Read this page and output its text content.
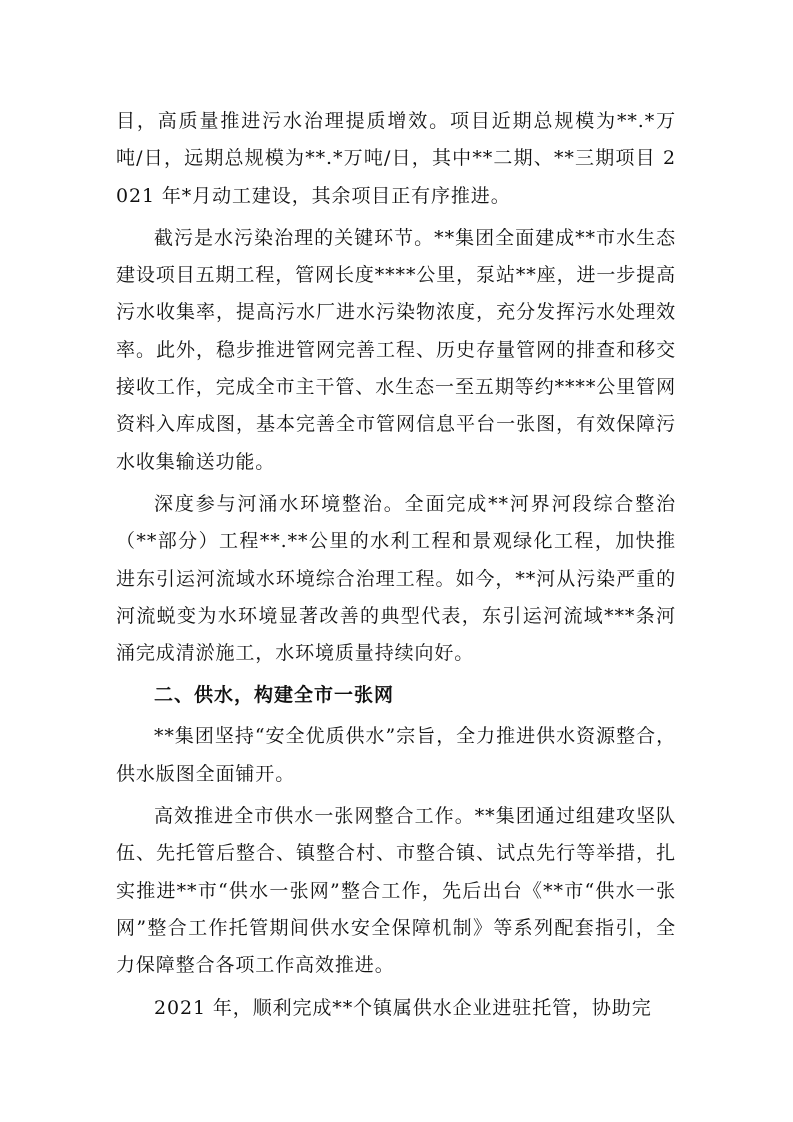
目，高质量推进污水治理提质增效。项目近期总规模为**.*万吨/日，远期总规模为**.*万吨/日，其中**二期、**三期项目 2021 年*月动工建设，其余项目正有序推进。

截污是水污染治理的关键环节。**集团全面建成**市水生态建设项目五期工程，管网长度****公里，泵站**座，进一步提高污水收集率，提高污水厂进水污染物浓度，充分发挥污水处理效率。此外，稳步推进管网完善工程、历史存量管网的排查和移交接收工作，完成全市主干管、水生态一至五期等约****公里管网资料入库成图，基本完善全市管网信息平台一张图，有效保障污水收集输送功能。

深度参与河涌水环境整治。全面完成**河界河段综合整治（**部分）工程**.**公里的水利工程和景观绿化工程，加快推进东引运河流域水环境综合治理工程。如今，**河从污染严重的河流蜕变为水环境显著改善的典型代表，东引运河流域***条河涌完成清淤施工，水环境质量持续向好。

二、供水，构建全市一张网

**集团坚持“安全优质供水”宗旨，全力推进供水资源整合，供水版图全面铺开。

高效推进全市供水一张网整合工作。**集团通过组建攻坚队伍、先托管后整合、镇整合村、市整合镇、试点先行等举措，扎实推进**市“供水一张网”整合工作，先后出台《**市“供水一张网”整合工作托管期间供水安全保障机制》等系列配套指引，全力保障整合各项工作高效推进。

2021 年，顺利完成**个镇属供水企业进驻托管，协助完
